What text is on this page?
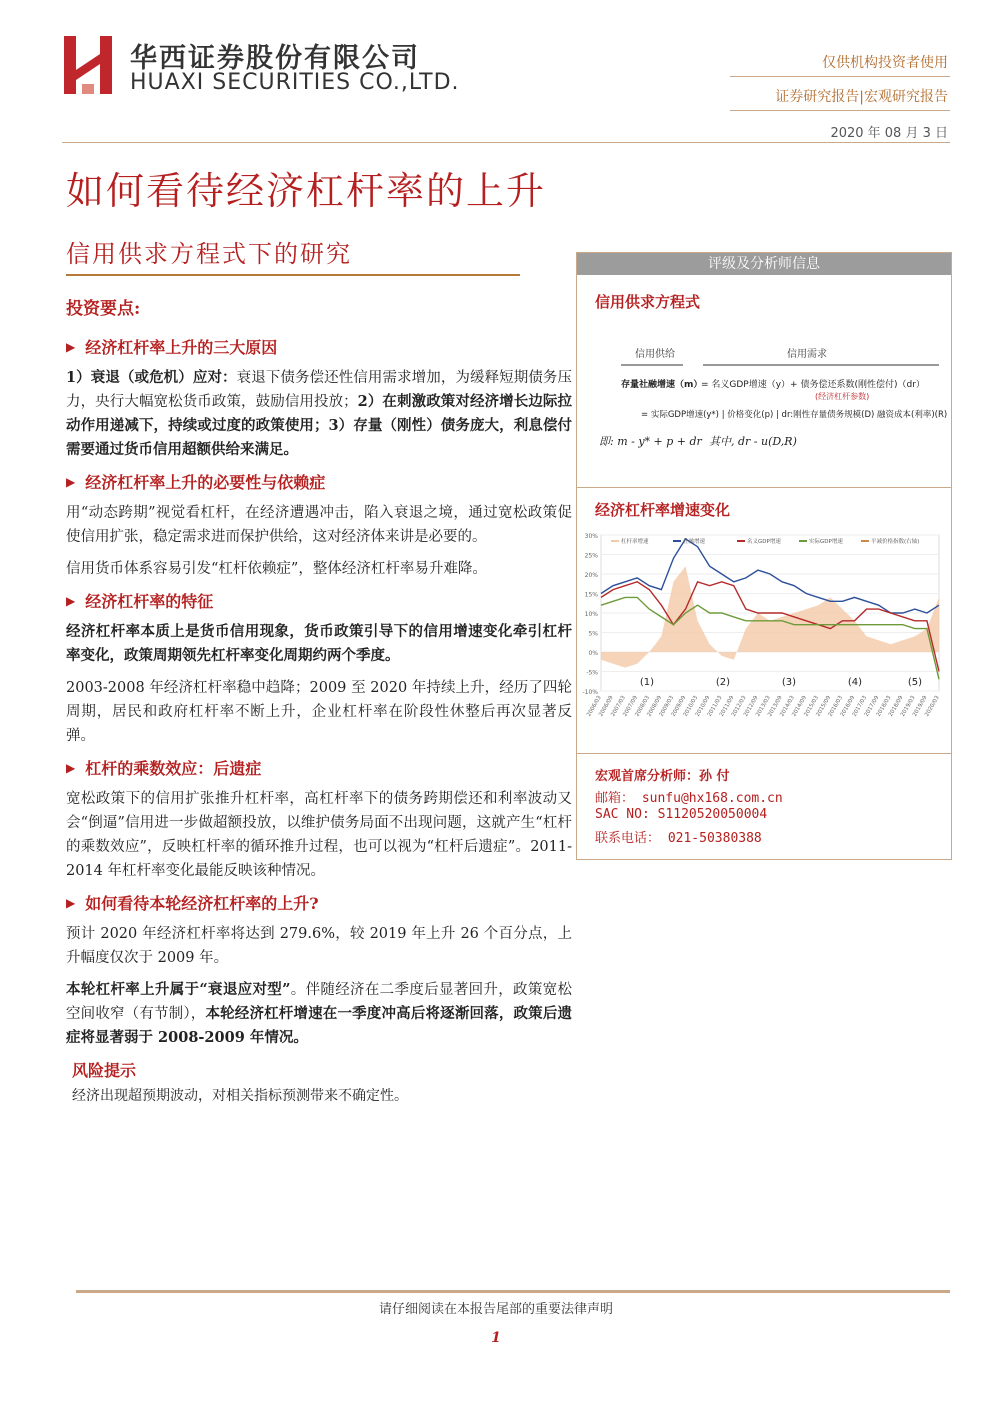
华西证券股份有限公司
HUAXI SECURITIES CO.,LTD.
仅供机构投资者使用
证券研究报告|宏观研究报告
2020 年 08 月 3 日
如何看待经济杠杆率的上升
信用供求方程式下的研究
投资要点:
▶ 经济杠杆率上升的三大原因
1）衰退（或危机）应对：衰退下债务偿还性信用需求增加，为缓释短期债务压力，央行大幅宽松货币政策，鼓励信用投放；2）在刺激政策对经济增长边际拉动作用递减下，持续或过度的政策使用；3）存量（刚性）债务庞大，利息偿付需要通过货币信用超额供给来满足。
▶ 经济杠杆率上升的必要性与依赖症
用“动态跨期”视觉看杠杆，在经济遭遇冲击，陷入衰退之境，通过宽松政策促使信用扩张，稳定需求进而保护供给，这对经济体来讲是必要的。
信用货币体系容易引发“杠杆依赖症”，整体经济杠杆率易升难降。
▶ 经济杠杆率的特征
经济杠杆率本质上是货币信用现象，货币政策引导下的信用增速变化牵引杠杆率变化，政策周期领先杠杆率变化周期约两个季度。
2003-2008 年经济杠杆率稳中趋降；2009 至 2020 年持续上升，经历了四轮周期，居民和政府杠杆率不断上升，企业杠杆率在阶段性休整后再次显著反弹。
▶ 杠杆的乘数效应：后遗症
宽松政策下的信用扩张推升杠杆率，高杠杆率下的债务跨期偿还和利率波动又会“倒逼”信用进一步做超额投放，以维护债务局面不出现问题，这就产生“杠杆的乘数效应”，反映杠杆率的循环推升过程，也可以视为“杠杆后遗症”。2011-2014 年杠杆率变化最能反映该种情况。
▶ 如何看待本轮经济杠杆率的上升?
预计 2020 年经济杠杆率将达到 279.6%，较 2019 年上升 26 个百分点，上升幅度仅次于 2009 年。
本轮杠杆率上升属于“衰退应对型”。伴随经济在二季度后显著回升，政策宽松空间收窄（有节制），本轮经济杠杆增速在一季度冲高后将逐渐回落，政策后遗症将显著弱于 2008-2009 年情况。
风险提示
经济出现超预期波动，对相关指标预测带来不确定性。
评级及分析师信息
信用供求方程式
信用供给	信用需求
存量社融增速（m）
= 名义GDP增速（y）+ 债务偿还系数(刚性偿付)（dr）
(经济杠杆参数)
= 实际GDP增速(y*) | 价格变化(p) | dr:刚性存量债务规模(D) 融资成本(利率)(R)
即: m - y* + p + dr 其中, dr - u(D,R)
经济杠杆率增速变化
30%
25%
20%
15%
10%
5%
0%
-5%
-10%
杠杆率增速	社融增速	名义GDP增速	实际GDP增速	平减价格指数(右轴)
(1)	(2)	(3)	(4)	(5)
2006/03
2006/09
2007/03
2007/09
2008/03
2008/09
2009/03
2009/09
2010/03
2010/09
2011/03
2011/09
2012/03
2012/09
2013/03
2013/09
2014/03
2014/09
2015/03
2015/09
2016/03
2016/09
2017/03
2017/09
2018/03
2018/09
2019/03
2019/09
2020/03
宏观首席分析师：孙 付
邮箱： sunfu@hx168.com.cn
SAC NO: S1120520050004
联系电话： 021-50380388
请仔细阅读在本报告尾部的重要法律声明
1
